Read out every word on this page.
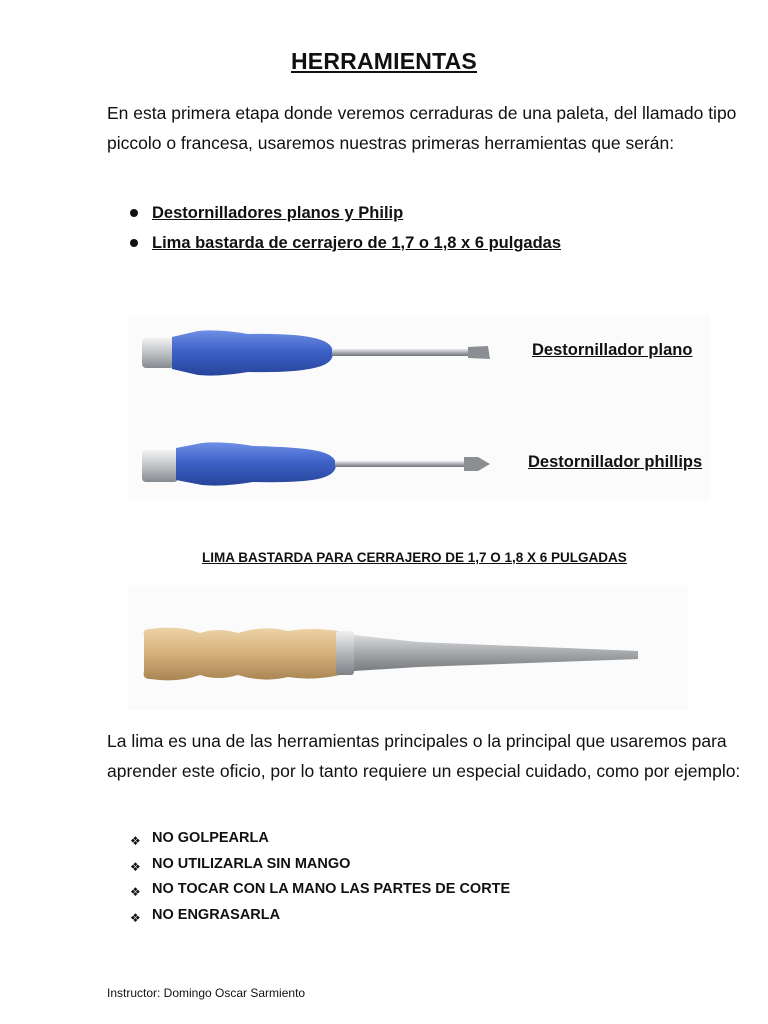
HERRAMIENTAS
En esta primera etapa donde veremos cerraduras de una paleta, del llamado tipo piccolo o francesa, usaremos nuestras primeras herramientas que serán:
Destornilladores planos y Philip
Lima bastarda de cerrajero de 1,7 o 1,8 x 6 pulgadas
Destornillador plano
Destornillador phillips
LIMA BASTARDA PARA CERRAJERO DE 1,7 O 1,8 X 6 PULGADAS
La lima es una de las herramientas principales o la principal que usaremos para aprender este oficio, por lo tanto requiere un especial cuidado, como por ejemplo:
❖ NO GOLPEARLA
❖ NO UTILIZARLA SIN MANGO
❖ NO TOCAR CON LA MANO LAS PARTES DE CORTE
❖ NO ENGRASARLA
Instructor: Domingo Oscar Sarmiento
